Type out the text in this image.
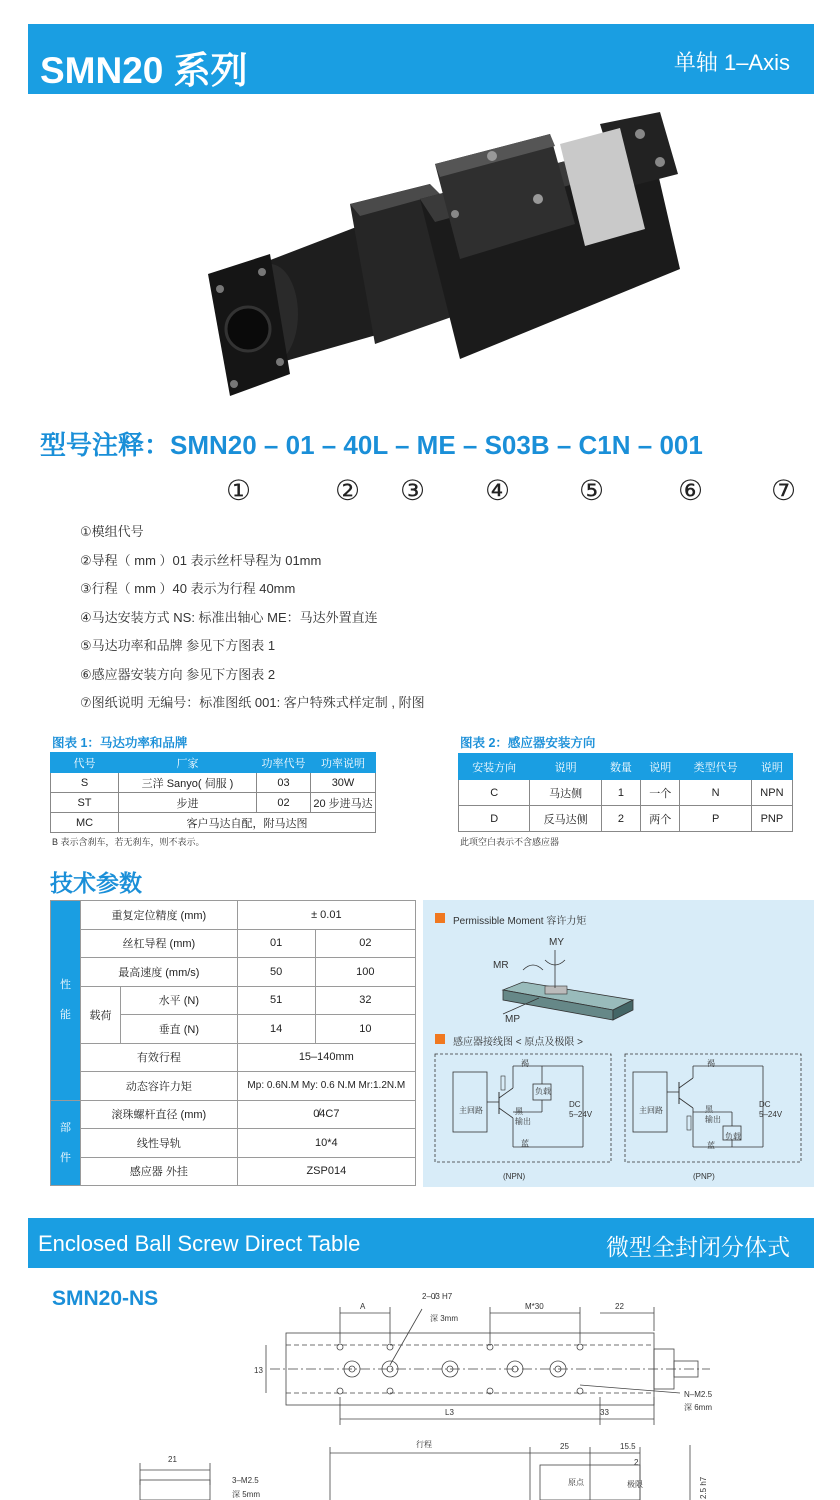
SMN20 系列	单轴 1–Axis
型号注释：SMN20 – 01 – 40L – ME – S03B – C1N – 001
①	② ③ ④ ⑤	⑥ ⑦
①模组代号
②导程（ mm ）01 表示丝杆导程为 01mm
③行程（ mm ）40 表示为行程 40mm
④马达安装方式 NS: 标准出轴心 ME：马达外置直连
⑤马达功率和品牌 参见下方图表 1
⑥感应器安装方向 参见下方图表 2
⑦图纸说明 无编号：标准图纸 001: 客户特殊式样定制 , 附图
图表 1：马达功率和品牌
代号	厂家	功率代号	功率说明
S	三洋 Sanyo( 伺服 )	03	30W
ST	步进	02	20 步进马达
MC	客户马达自配，附马达图		
B 表示含刹车，若无刹车，则不表示。
图表 2：感应器安装方向
安装方向	说明	数量	说明	类型代号	说明
C	马达侧	1	一个	N	NPN
D	反马达侧	2	两个	P	PNP
此项空白表示不含感应器
技术参数
性能	重复定位精度 (mm)		± 0.01	
	丝杠导程 (mm)		01	02
	最高速度 (mm/s)		50	100
	载荷	水平 (N)	51	32
		垂直 (N)	14	10
	有效行程		15–140mm	
	动态容许力矩		Mp: 0.6N.M My: 0.6 N.M Mr:1.2N.M	
部件	滚珠螺杆直径 (mm)		0̸4C7	
	线性导轨		10*4	
	感应器 外挂		ZSP014	
Permissible Moment 容许力矩
MY
MR
MP
感应器接线图 < 原点及极限 >
主回路
负载
褐
黑
输出
蓝
DC
5–24V
(NPN)
主回路
负载
褐
黑
输出
蓝
DC
5–24V
(PNP)
Enclosed Ball Screw Direct Table	微型全封闭分体式
SMN20-NS	A
2–0̸3 H7
深 3mm
M*30	22
13
N–M2.5
深 6mm
L3	33
21
3–M2.5
深 5mm
行程	25	15.5
原点	极限
2
2.5 h7
